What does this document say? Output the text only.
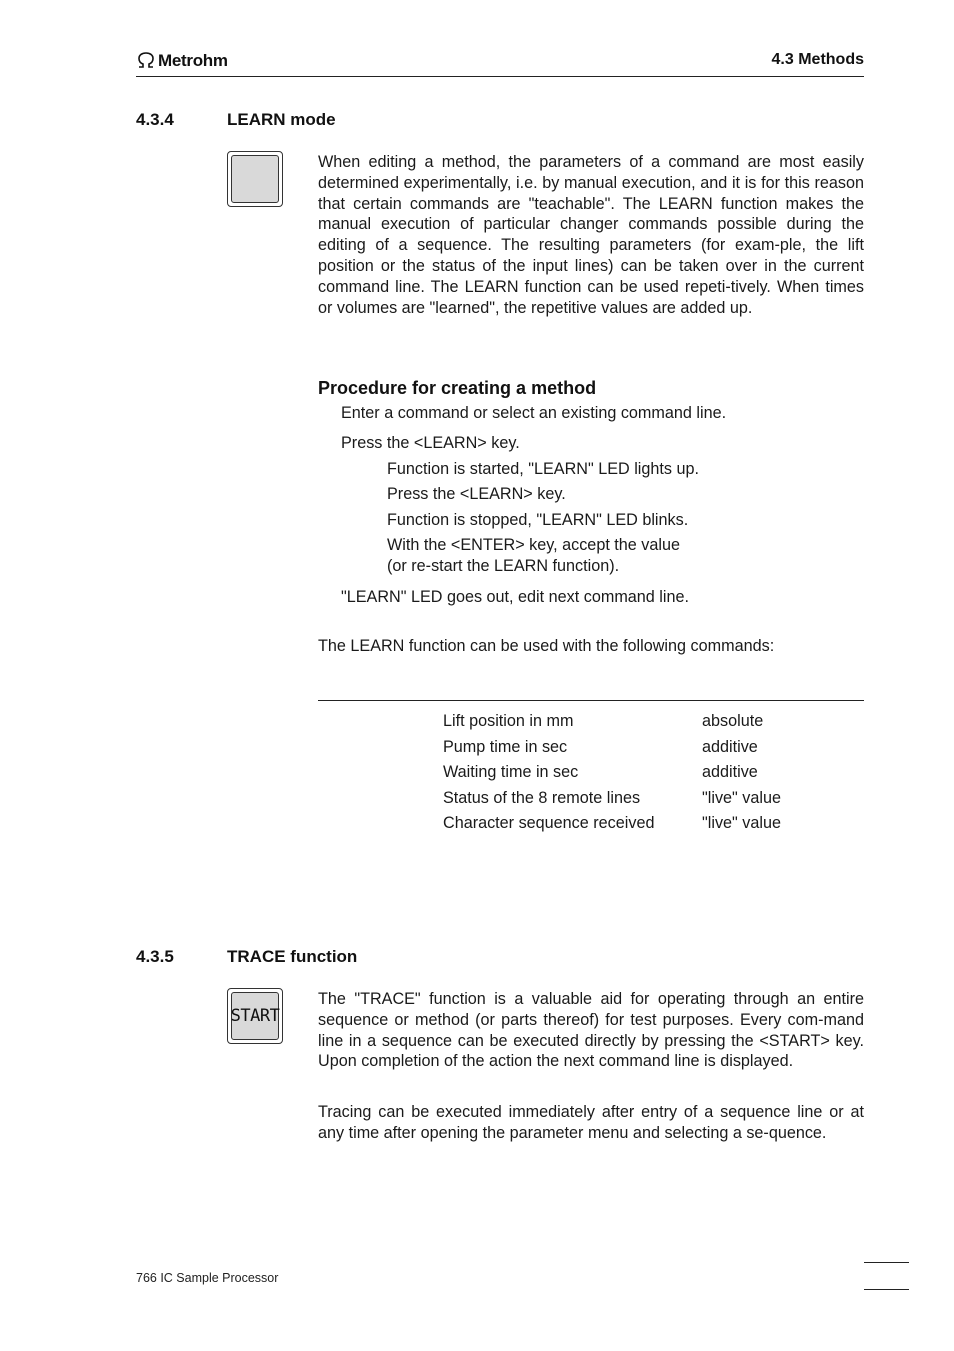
Metrohm	4.3 Methods
4.3.4	LEARN mode
When editing a method, the parameters of a command are most easily determined experimentally, i.e. by manual execution, and it is for this reason that certain commands are "teachable". The LEARN function makes the manual execution of particular changer commands possible during the editing of a sequence. The resulting parameters (for exam-ple, the lift position or the status of the input lines) can be taken over in the current command line. The LEARN function can be used repeti-tively. When times or volumes are "learned", the repetitive values are added up.
Procedure for creating a method
Enter a command or select an existing command line.
Press the <LEARN> key.
Function is started, "LEARN" LED lights up.
Press the <LEARN> key.
Function is stopped, "LEARN" LED blinks.
With the <ENTER> key, accept the value
(or re-start the LEARN function).
"LEARN" LED goes out, edit next command line.
The LEARN function can be used with the following commands:
Lift position in mm	absolute
Pump time in sec	additive
Waiting time in sec	additive
Status of the 8 remote lines	"live" value
Character sequence received	"live" value
4.3.5	TRACE function
START
The "TRACE" function is a valuable aid for operating through an entire sequence or method (or parts thereof) for test purposes. Every com-mand line in a sequence can be executed directly by pressing the <START> key. Upon completion of the action the next command line is displayed.
Tracing can be executed immediately after entry of a sequence line or at any time after opening the parameter menu and selecting a se-quence.
766 IC Sample Processor
